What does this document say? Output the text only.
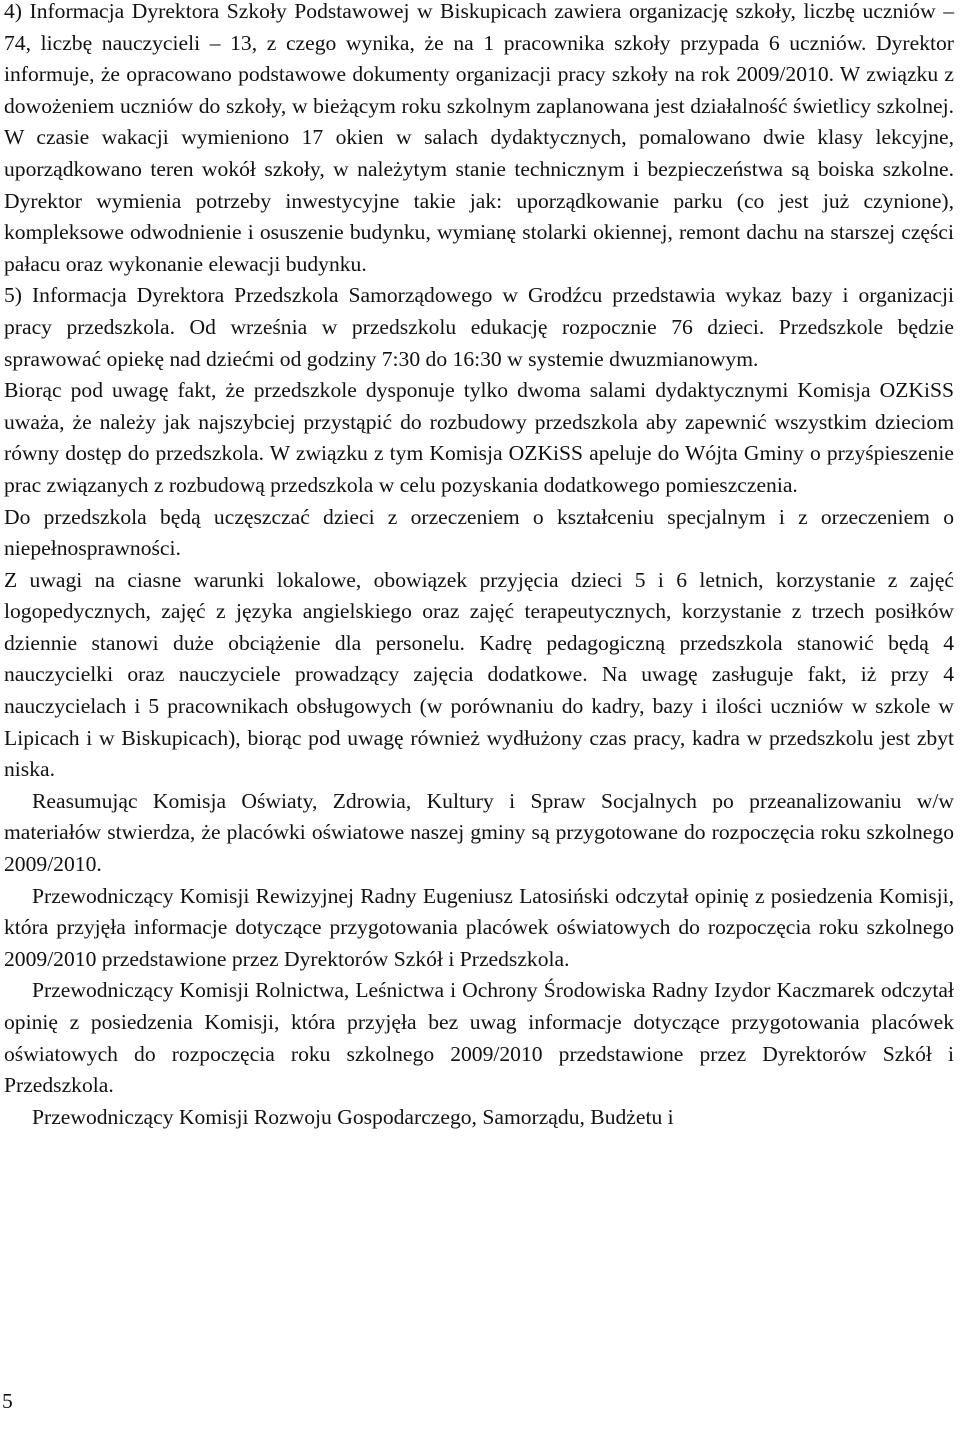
4) Informacja Dyrektora Szkoły Podstawowej w Biskupicach zawiera organizację szkoły, liczbę uczniów – 74, liczbę nauczycieli – 13, z czego wynika, że na 1 pracownika szkoły przypada 6 uczniów. Dyrektor informuje, że opracowano podstawowe dokumenty organizacji pracy szkoły na rok 2009/2010. W związku z dowożeniem uczniów do szkoły, w bieżącym roku szkolnym zaplanowana jest działalność świetlicy szkolnej. W czasie wakacji wymieniono 17 okien w salach dydaktycznych, pomalowano dwie klasy lekcyjne, uporządkowano teren wokół szkoły, w należytym stanie technicznym i bezpieczeństwa są boiska szkolne. Dyrektor wymienia potrzeby inwestycyjne takie jak: uporządkowanie parku (co jest już czynione), kompleksowe odwodnienie i osuszenie budynku, wymianę stolarki okiennej, remont dachu na starszej części pałacu oraz wykonanie elewacji budynku.

5) Informacja Dyrektora Przedszkola Samorządowego w Grodźcu przedstawia wykaz bazy i organizacji pracy przedszkola. Od września w przedszkolu edukację rozpocznie 76 dzieci. Przedszkole będzie sprawować opiekę nad dziećmi od godziny 7:30 do 16:30 w systemie dwuzmianowym.

Biorąc pod uwagę fakt, że przedszkole dysponuje tylko dwoma salami dydaktycznymi Komisja OZKiSS uważa, że należy jak najszybciej przystąpić do rozbudowy przedszkola aby zapewnić wszystkim dzieciom równy dostęp do przedszkola. W związku z tym Komisja OZKiSS apeluje do Wójta Gminy o przyśpieszenie prac związanych z rozbudową przedszkola w celu pozyskania dodatkowego pomieszczenia.

Do przedszkola będą uczęszczać dzieci z orzeczeniem o kształceniu specjalnym i z orzeczeniem o niepełnosprawności.

Z uwagi na ciasne warunki lokalowe, obowiązek przyjęcia dzieci 5 i 6 letnich, korzystanie z zajęć logopedycznych, zajęć z języka angielskiego oraz zajęć terapeutycznych, korzystanie z trzech posiłków dziennie stanowi duże obciążenie dla personelu. Kadrę pedagogiczną przedszkola stanowić będą 4 nauczycielki oraz nauczyciele prowadzący zajęcia dodatkowe. Na uwagę zasługuje fakt, iż przy 4 nauczycielach i 5 pracownikach obsługowych (w porównaniu do kadry, bazy i ilości uczniów w szkole w Lipicach i w Biskupicach), biorąc pod uwagę również wydłużony czas pracy, kadra w przedszkolu jest zbyt niska.

Reasumując Komisja Oświaty, Zdrowia, Kultury i Spraw Socjalnych po przeanalizowaniu w/w materiałów stwierdza, że placówki oświatowe naszej gminy są przygotowane do rozpoczęcia roku szkolnego 2009/2010.

Przewodniczący Komisji Rewizyjnej Radny Eugeniusz Latosiński odczytał opinię z posiedzenia Komisji, która przyjęła informacje dotyczące przygotowania placówek oświatowych do rozpoczęcia roku szkolnego 2009/2010 przedstawione przez Dyrektorów Szkół i Przedszkola.

Przewodniczący Komisji Rolnictwa, Leśnictwa i Ochrony Środowiska Radny Izydor Kaczmarek odczytał opinię z posiedzenia Komisji, która przyjęła bez uwag informacje dotyczące przygotowania placówek oświatowych do rozpoczęcia roku szkolnego 2009/2010 przedstawione przez Dyrektorów Szkół i Przedszkola.

Przewodniczący Komisji Rozwoju Gospodarczego, Samorządu, Budżetu i

5
